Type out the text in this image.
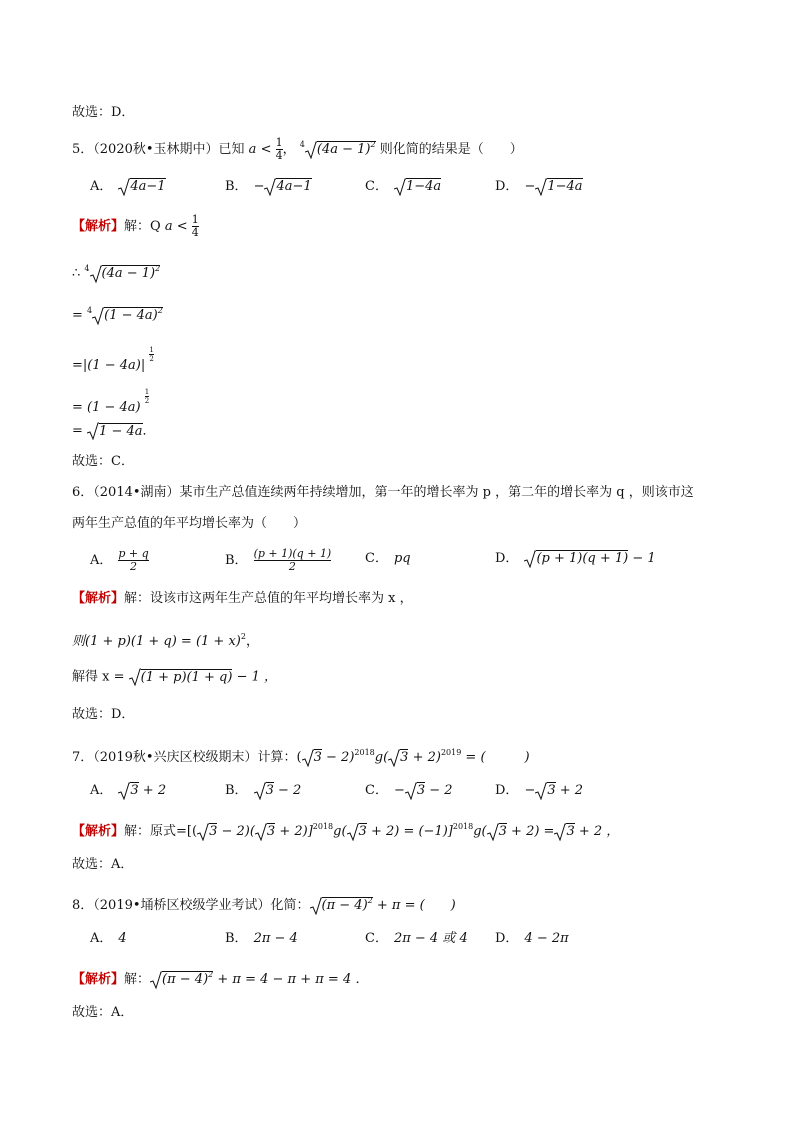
故选：D．
5．（2020秋•玉林期中）已知 $a < \frac{1}{4}$ ， $^4$ $(4a - 1)^2$ 则化简的结果是（　　）
A． 4a−1	B． − 4a−1	C． 1−4a	D． − 1−4a
【解析】解：Q $a < \frac{1}{4}$
∴ $^4$ $(4a - 1)^2$
= $^4$ $(1 - 4a)^2$
=|(1 − 4a)|
$\frac{1}{2}$
= (1 − 4a)
$\frac{1}{2}$
= 1 − 4a．
故选：C．
6．（2014•湖南）某市生产总值连续两年持续增加，第一年的增长率为 p ，第二年的增长率为 q ，则该市这
两年生产总值的年平均增长率为（　　）
A． $\frac{p + q}{2}$	B． $\frac{(p + 1)(q + 1)}{2}$	C． pq	D． (p + 1)(q + 1) − 1
【解析】解：设该市这两年生产总值的年平均增长率为 x ，
则$(1 + p)(1 + q) = (1 + x)^2$，
解得 x = (1 + p)(1 + q) − 1 ，
故选：D．
7．（2019秋•兴庆区校级期末）计算：( 3 − 2)$^{2018}$g( 3 + 2)$^{2019}$ = (　　　)
A． 3 + 2	B． 3 − 2	C． − 3 − 2	D． − 3 + 2
【解析】解：原式=[( 3 − 2)( 3 + 2)]$^{2018}$g( 3 + 2) = (−1)]$^{2018}$g( 3 + 2) = 3 + 2 ，
故选：A．
8．（2019•埇桥区校级学业考试）化简： $(\pi - 4)^2 + \pi$ = (　　)
A． 4	B． 2π − 4	C． 2π − 4 或 4 D． 4 − 2π
【解析】解： $(\pi - 4)^2 + \pi = 4 - \pi + \pi = 4$ ．
故选：A．
